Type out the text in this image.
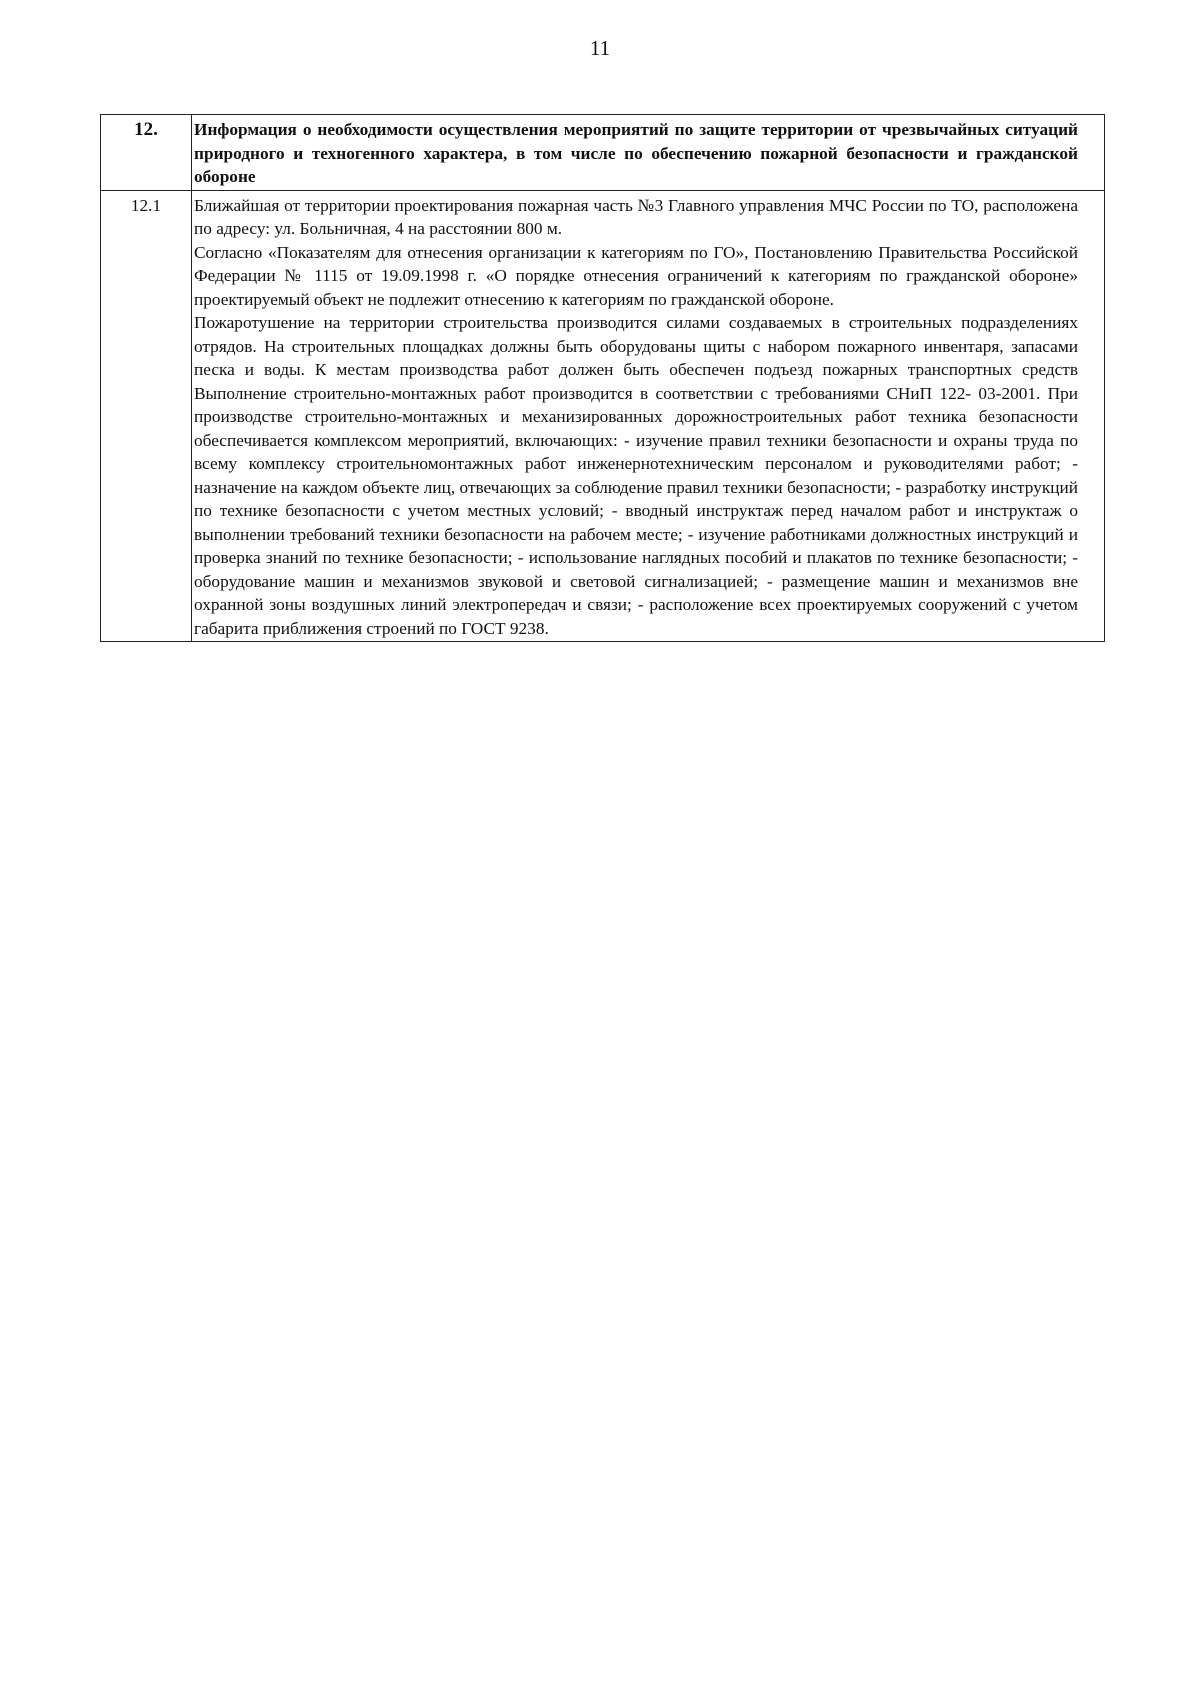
11
12.	Информация о необходимости осуществления мероприятий по защите территории от чрезвычайных ситуаций природного и техногенного характера, в том числе по обеспечению пожарной безопасности и гражданской обороне
12.1	Ближайшая от территории проектирования пожарная часть №3 Главного управления МЧС России по ТО, расположена по адресу: ул. Больничная, 4 на расстоянии 800 м.

Согласно «Показателям для отнесения организации к категориям по ГО», Постановлению Правительства Российской Федерации № 1115 от 19.09.1998 г. «О порядке отнесения ограничений к категориям по гражданской обороне» проектируемый объект не подлежит отнесению к категориям по гражданской обороне.

Пожаротушение на территории строительства производится силами создаваемых в строительных подразделениях отрядов. На строительных площадках должны быть оборудованы щиты с набором пожарного инвентаря, запасами песка и воды. К местам производства работ должен быть обеспечен подъезд пожарных транспортных средств Выполнение строительно-монтажных работ производится в соответствии с требованиями СНиП 122- 03-2001. При производстве строительно-монтажных и механизированных дорожностроительных работ техника безопасности обеспечивается комплексом мероприятий, включающих: - изучение правил техники безопасности и охраны труда по всему комплексу строительномонтажных работ инженернотехническим персоналом и руководителями работ; - назначение на каждом объекте лиц, отвечающих за соблюдение правил техники безопасности; - разработку инструкций по технике безопасности с учетом местных условий; - вводный инструктаж перед началом работ и инструктаж о выполнении требований техники безопасности на рабочем месте; - изучение работниками должностных инструкций и проверка знаний по технике безопасности; - использование наглядных пособий и плакатов по технике безопасности; - оборудование машин и механизмов звуковой и световой сигнализацией; - размещение машин и механизмов вне охранной зоны воздушных линий электропередач и связи; - расположение всех проектируемых сооружений с учетом габарита приближения строений по ГОСТ 9238.
